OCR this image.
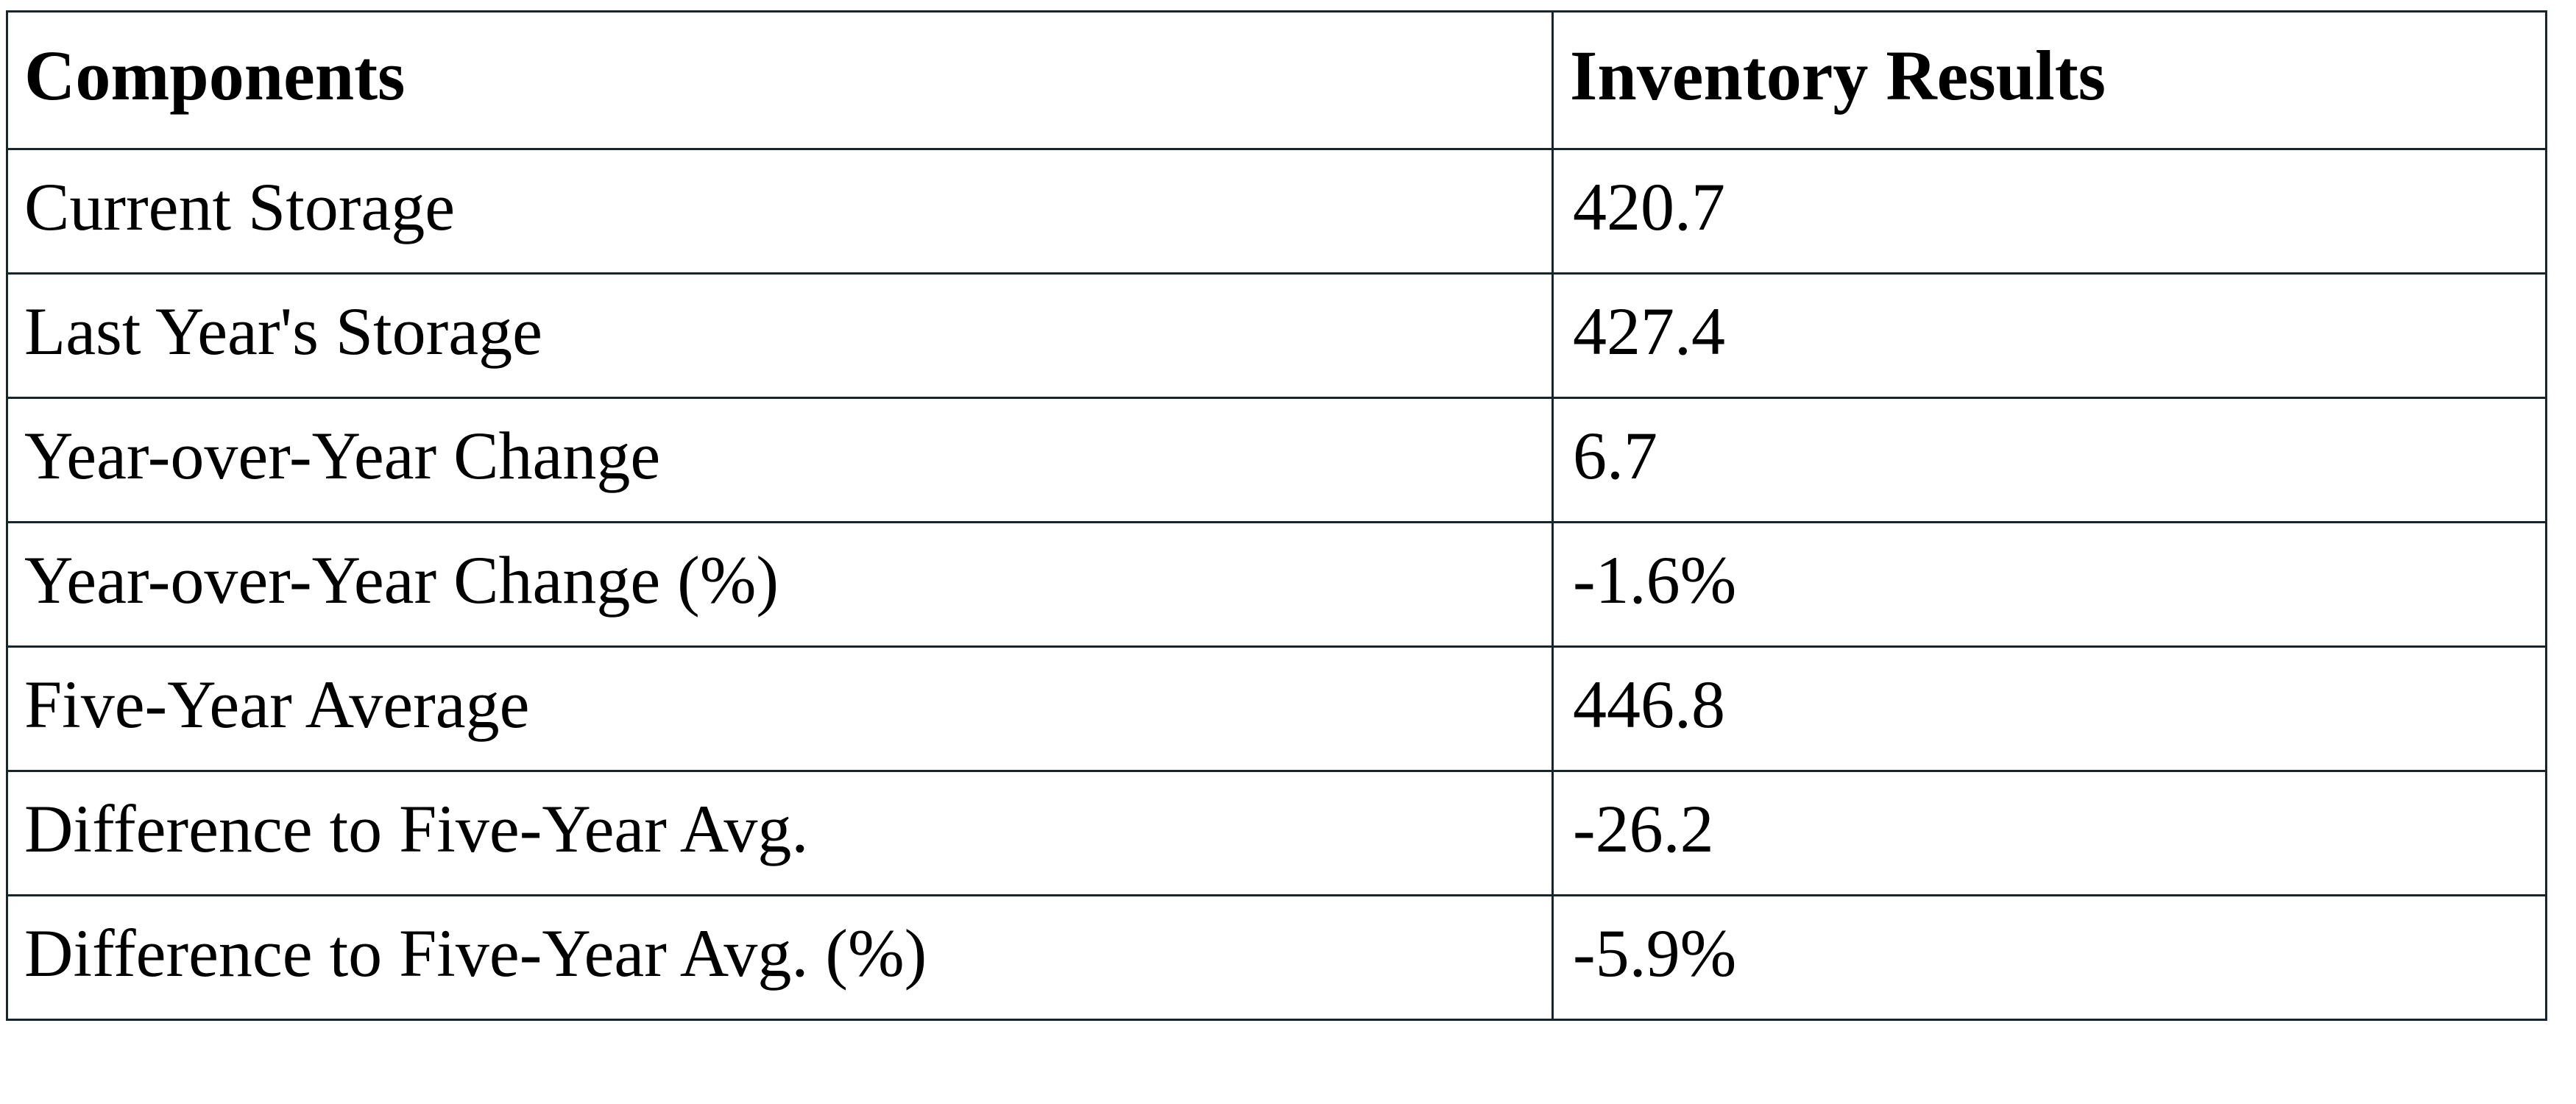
Components	Inventory Results
Current Storage	420.7
Last Year's Storage	427.4
Year-over-Year Change	6.7
Year-over-Year Change (%)	-1.6%
Five-Year Average	446.8
Difference to Five-Year Avg.	-26.2
Difference to Five-Year Avg. (%)	-5.9%
